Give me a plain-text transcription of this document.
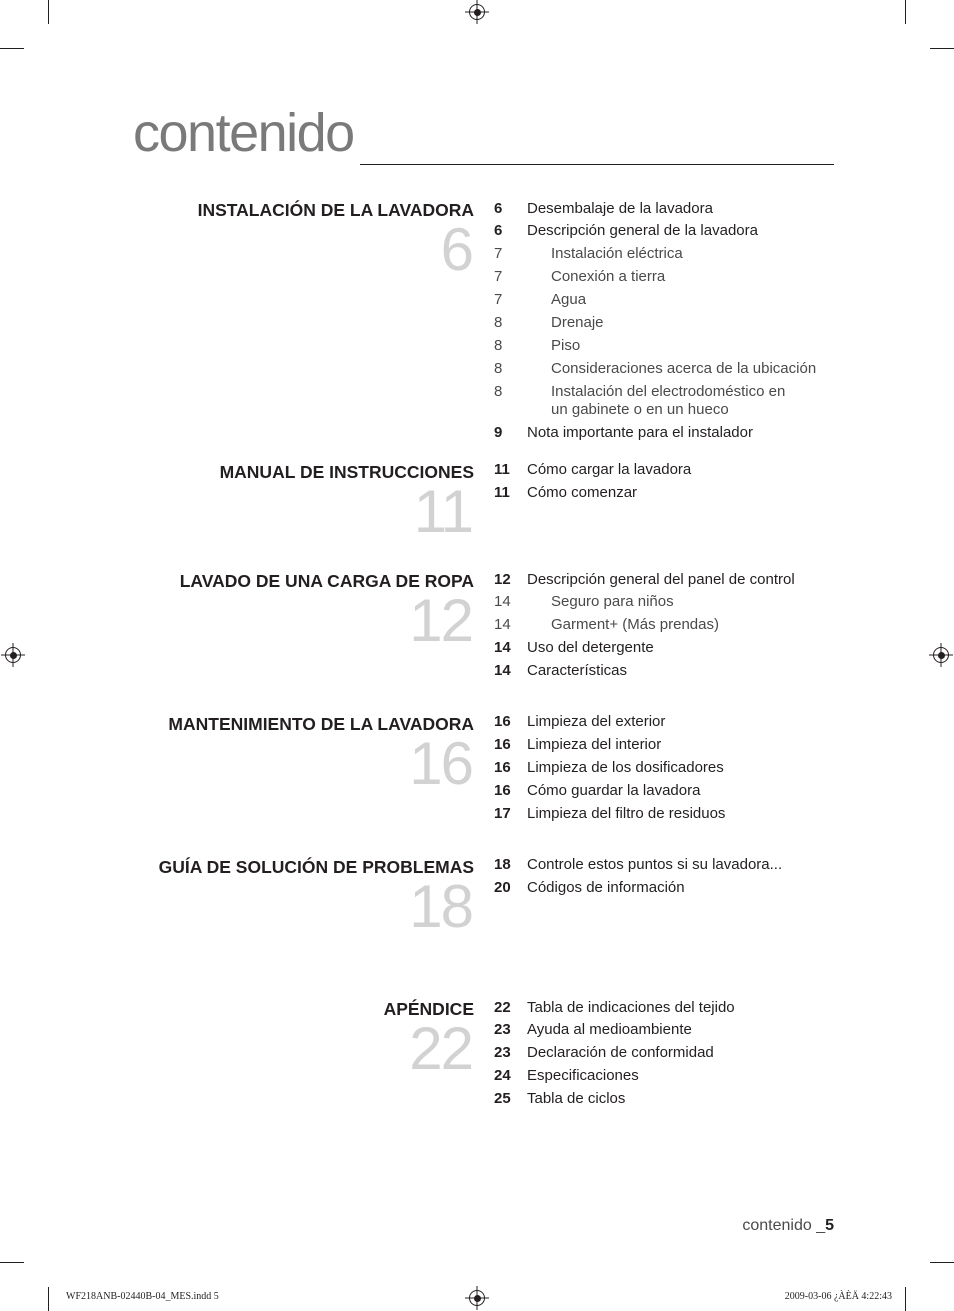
contenido
INSTALACIÓN DE LA LAVADORA
6
MANUAL DE INSTRUCCIONES
11
LAVADO DE UNA CARGA DE ROPA
12
MANTENIMIENTO DE LA LAVADORA
16
GUÍA DE SOLUCIÓN DE PROBLEMAS
18
APÉNDICE
22
6	Desembalaje de la lavadora
6	Descripción general de la lavadora
7	Instalación eléctrica
7	Conexión a tierra
7	Agua
8	Drenaje
8	Piso
8	Consideraciones acerca de la ubicación
8	Instalación del electrodoméstico en un gabinete o en un hueco
9	Nota importante para el instalador
11	Cómo cargar la lavadora
11	Cómo comenzar
12	Descripción general del panel de control
14	Seguro para niños
14	Garment+ (Más prendas)
14	Uso del detergente
14	Características
16	Limpieza del exterior
16	Limpieza del interior
16	Limpieza de los dosificadores
16	Cómo guardar la lavadora
17	Limpieza del filtro de residuos
18	Controle estos puntos si su lavadora...
20	Códigos de información
22	Tabla de indicaciones del tejido
23	Ayuda al medioambiente
23	Declaración de conformidad
24	Especificaciones
25	Tabla de ciclos
contenido _5
WF218ANB-02440B-04_MES.indd 5	2009-03-06 ¿ÀÈÄ 4:22:43
